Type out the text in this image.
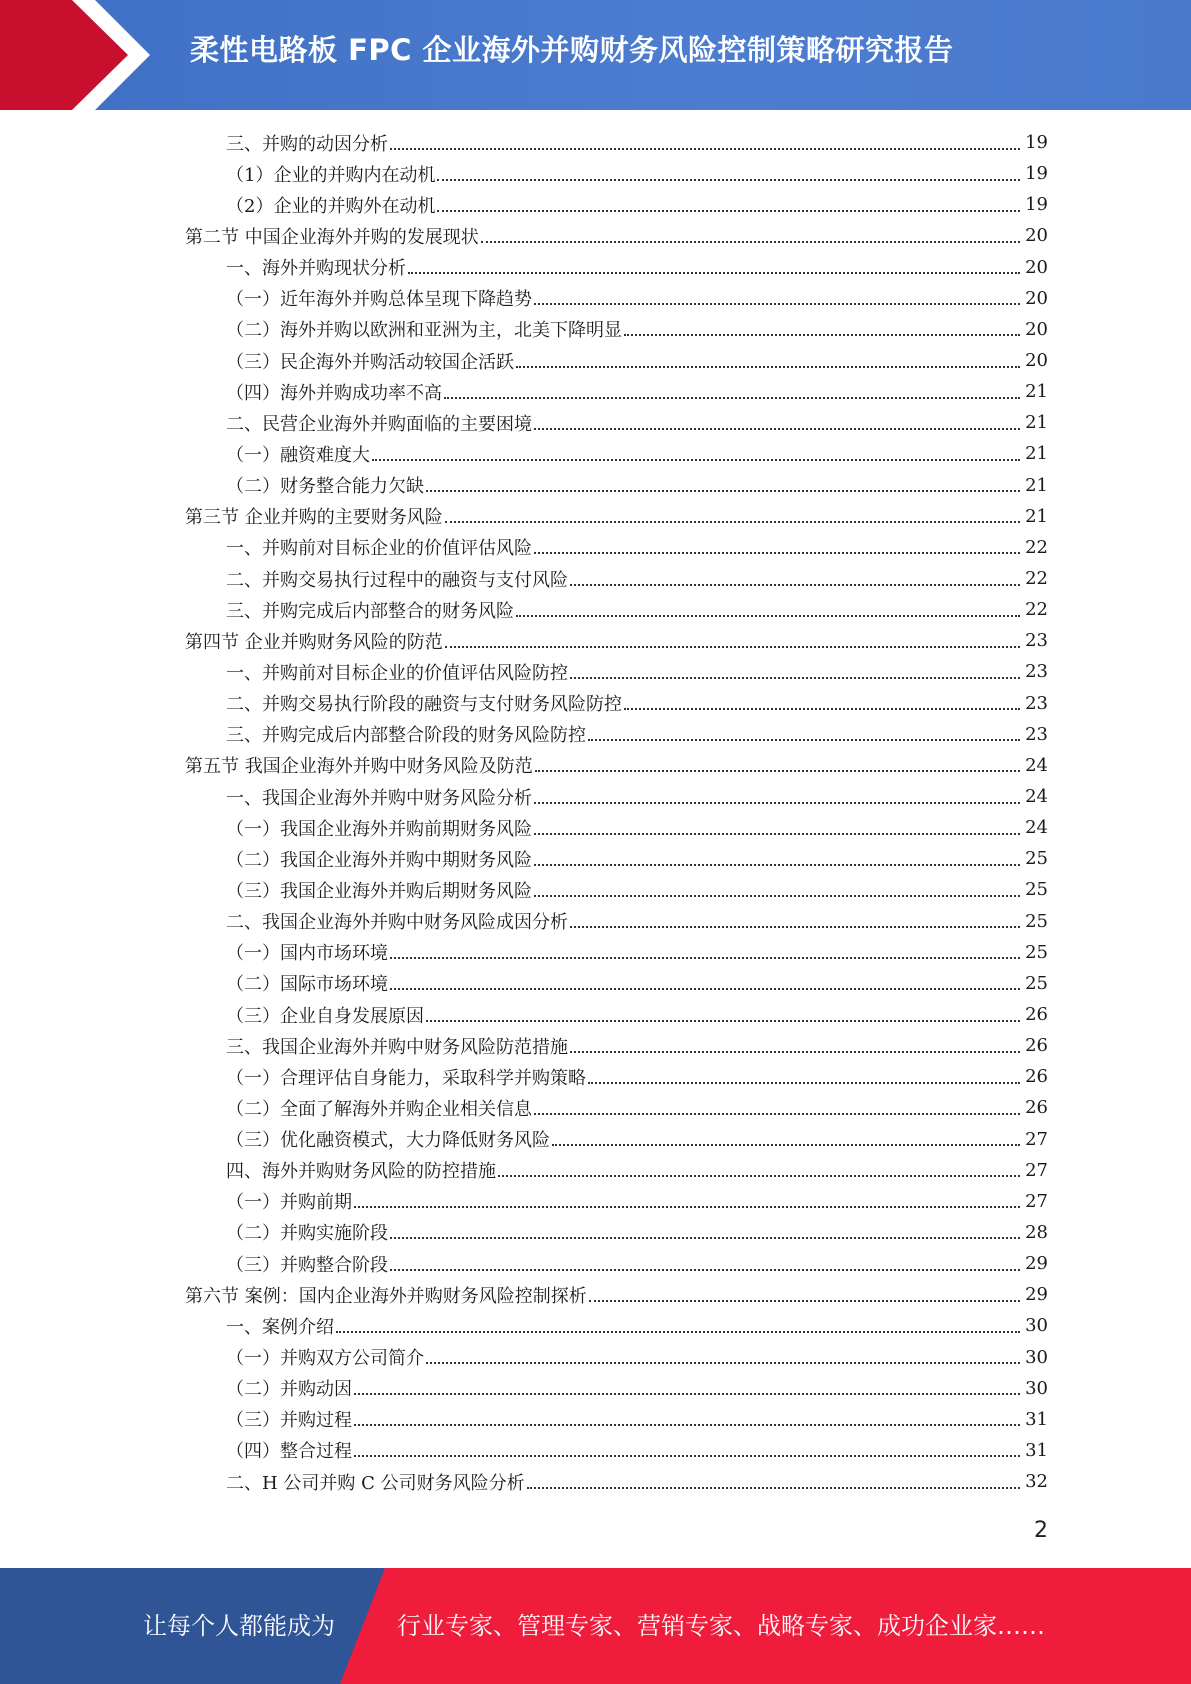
柔性电路板 FPC 企业海外并购财务风险控制策略研究报告
三、并购的动因分析	19
（1）企业的并购内在动机	19
（2）企业的并购外在动机	19
第二节 中国企业海外并购的发展现状	20
一、海外并购现状分析	20
（一）近年海外并购总体呈现下降趋势	20
（二）海外并购以欧洲和亚洲为主，北美下降明显	20
（三）民企海外并购活动较国企活跃	20
（四）海外并购成功率不高	21
二、民营企业海外并购面临的主要困境	21
（一）融资难度大	21
（二）财务整合能力欠缺	21
第三节 企业并购的主要财务风险	21
一、并购前对目标企业的价值评估风险	22
二、并购交易执行过程中的融资与支付风险	22
三、并购完成后内部整合的财务风险	22
第四节 企业并购财务风险的防范	23
一、并购前对目标企业的价值评估风险防控	23
二、并购交易执行阶段的融资与支付财务风险防控	23
三、并购完成后内部整合阶段的财务风险防控	23
第五节 我国企业海外并购中财务风险及防范	24
一、我国企业海外并购中财务风险分析	24
（一）我国企业海外并购前期财务风险	24
（二）我国企业海外并购中期财务风险	25
（三）我国企业海外并购后期财务风险	25
二、我国企业海外并购中财务风险成因分析	25
（一）国内市场环境	25
（二）国际市场环境	25
（三）企业自身发展原因	26
三、我国企业海外并购中财务风险防范措施	26
（一）合理评估自身能力，采取科学并购策略	26
（二）全面了解海外并购企业相关信息	26
（三）优化融资模式，大力降低财务风险	27
四、海外并购财务风险的防控措施	27
（一）并购前期	27
（二）并购实施阶段	28
（三）并购整合阶段	29
第六节 案例：国内企业海外并购财务风险控制探析	29
一、案例介绍	30
（一）并购双方公司简介	30
（二）并购动因	30
（三）并购过程	31
（四）整合过程	31
二、H 公司并购 C 公司财务风险分析	32
2
让每个人都能成为	行业专家、管理专家、营销专家、战略专家、成功企业家……
